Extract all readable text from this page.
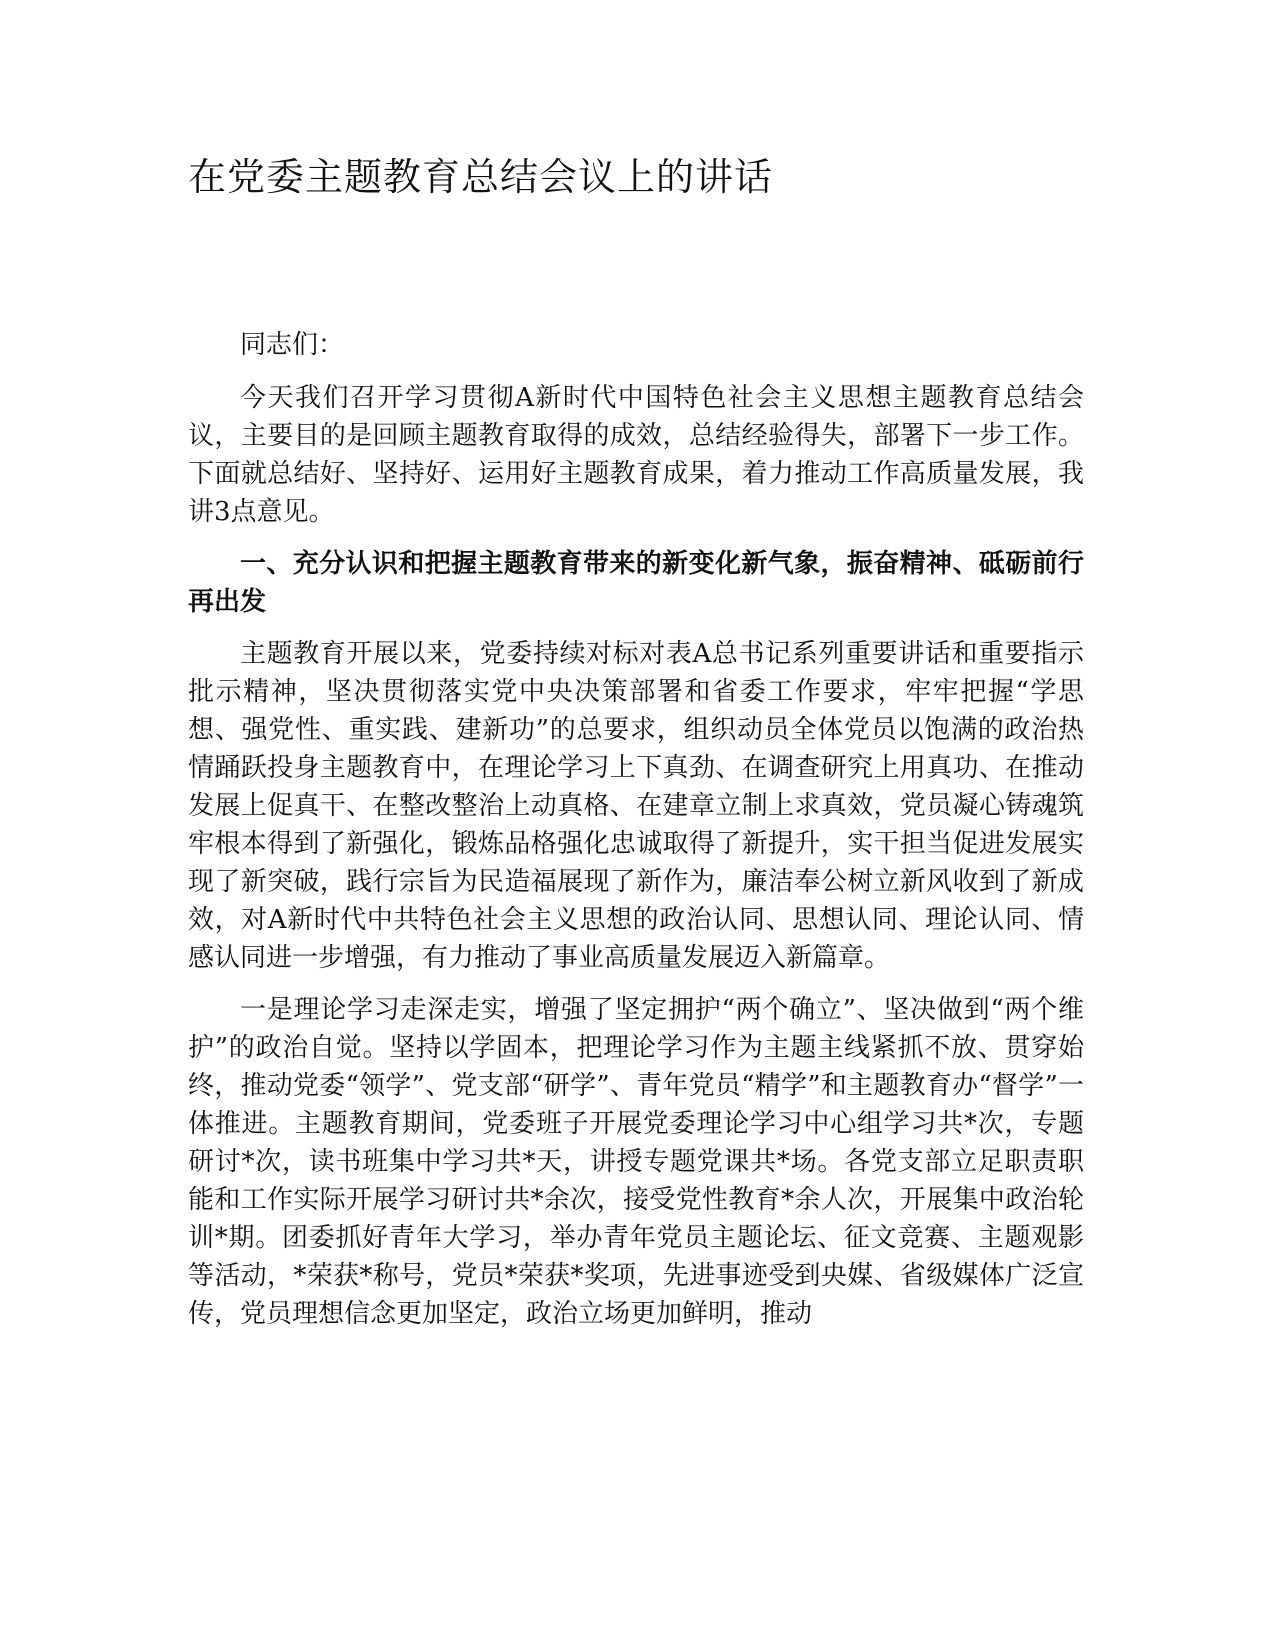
在党委主题教育总结会议上的讲话

同志们：

今天我们召开学习贯彻A新时代中国特色社会主义思想主题教育总结会议，主要目的是回顾主题教育取得的成效，总结经验得失，部署下一步工作。下面就总结好、坚持好、运用好主题教育成果，着力推动工作高质量发展，我讲3点意见。

一、充分认识和把握主题教育带来的新变化新气象，振奋精神、砥砺前行再出发

主题教育开展以来，党委持续对标对表A总书记系列重要讲话和重要指示批示精神，坚决贯彻落实党中央决策部署和省委工作要求，牢牢把握“学思想、强党性、重实践、建新功”的总要求，组织动员全体党员以饱满的政治热情踊跃投身主题教育中，在理论学习上下真劲、在调查研究上用真功、在推动发展上促真干、在整改整治上动真格、在建章立制上求真效，党员凝心铸魂筑牢根本得到了新强化，锻炼品格强化忠诚取得了新提升，实干担当促进发展实现了新突破，践行宗旨为民造福展现了新作为，廉洁奉公树立新风收到了新成效，对A新时代中共特色社会主义思想的政治认同、思想认同、理论认同、情感认同进一步增强，有力推动了事业高质量发展迈入新篇章。

一是理论学习走深走实，增强了坚定拥护“两个确立”、坚决做到“两个维护”的政治自觉。坚持以学固本，把理论学习作为主题主线紧抓不放、贯穿始终，推动党委“领学”、党支部“研学”、青年党员“精学”和主题教育办“督学”一体推进。主题教育期间，党委班子开展党委理论学习中心组学习共*次，专题研讨*次，读书班集中学习共*天，讲授专题党课共*场。各党支部立足职责职能和工作实际开展学习研讨共*余次，接受党性教育*余人次，开展集中政治轮训*期。团委抓好青年大学习，举办青年党员主题论坛、征文竞赛、主题观影等活动，*荣获*称号，党员*荣获*奖项，先进事迹受到央媒、省级媒体广泛宣传，党员理想信念更加坚定，政治立场更加鲜明，推动
